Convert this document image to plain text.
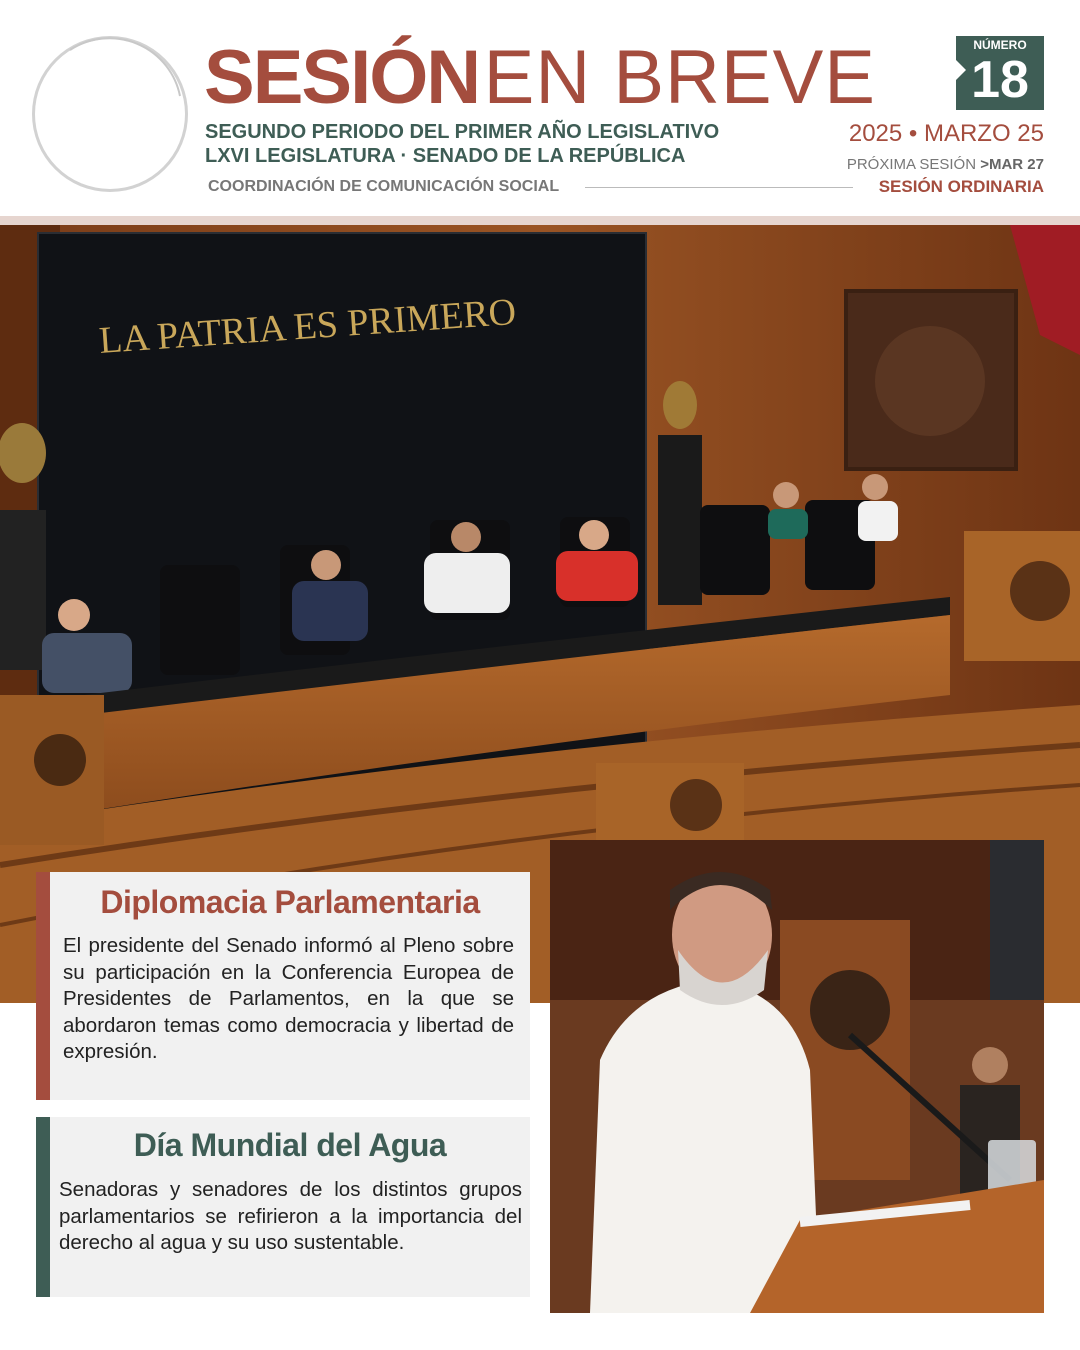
SESIÓN EN BREVE
SEGUNDO PERIODO DEL PRIMER AÑO LEGISLATIVO
LXVI LEGISLATURA · SENADO DE LA REPÚBLICA
COORDINACIÓN DE COMUNICACIÓN SOCIAL
NÚMERO
18
2025 • MARZO 25
PRÓXIMA SESIÓN >MAR 27
SESIÓN ORDINARIA
LA PATRIA ES PRIMERO
Diplomacia Parlamentaria

El presidente del Senado informó al Pleno sobre su participación en la Conferencia Europea de Presidentes de Parlamentos, en la que se abordaron temas como democracia y libertad de expresión.

Día Mundial del Agua

Senadoras y senadores de los distintos grupos parlamentarios se refirieron a la importancia del derecho al agua y su uso sustentable.
